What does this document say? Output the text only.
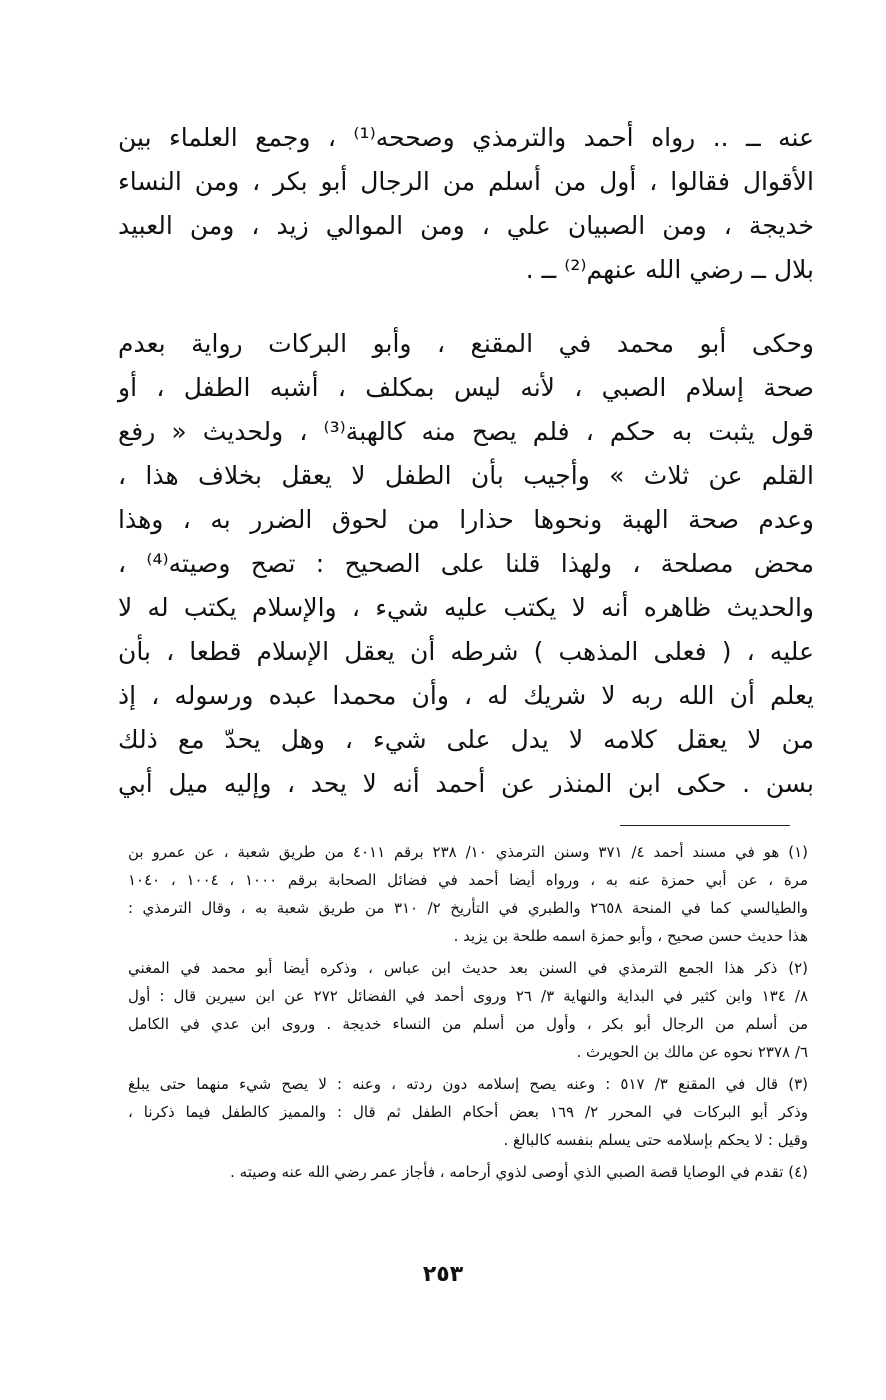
عنه ــ .. رواه أحمد والترمذي وصححه⁽¹⁾ ، وجمع العلماء بين
الأقوال فقالوا ، أول من أسلم من الرجال أبو بكر ، ومن النساء
خديجة ، ومن الصبيان علي ، ومن الموالي زيد ، ومن العبيد
بلال ــ رضي الله عنهم⁽²⁾ ــ .
وحكى أبو محمد في المقنع ، وأبو البركات رواية بعدم
صحة إسلام الصبي ، لأنه ليس بمكلف ، أشبه الطفل ، أو
قول يثبت به حكم ، فلم يصح منه كالهبة⁽³⁾ ، ولحديث « رفع
القلم عن ثلاث » وأجيب بأن الطفل لا يعقل بخلاف هذا ،
وعدم صحة الهبة ونحوها حذارا من لحوق الضرر به ، وهذا
محض مصلحة ، ولهذا قلنا على الصحيح : تصح وصيته⁽⁴⁾ ،
والحديث ظاهره أنه لا يكتب عليه شيء ، والإسلام يكتب له لا
عليه ، ( فعلى المذهب ) شرطه أن يعقل الإسلام قطعا ، بأن
يعلم أن الله ربه لا شريك له ، وأن محمدا عبده ورسوله ، إذ
من لا يعقل كلامه لا يدل على شيء ، وهل يحدّ مع ذلك
بسن . حكى ابن المنذر عن أحمد أنه لا يحد ، وإليه ميل أبي
(١) هو في مسند أحمد ٤/ ٣٧١ وسنن الترمذي ١٠/ ٢٣٨ برقم ٤٠١١ من طريق شعبة ، عن عمرو بن
مرة ، عن أبي حمزة عنه به ، ورواه أيضا أحمد في فضائل الصحابة برقم ١٠٠٠ ، ١٠٠٤ ، ١٠٤٠
والطيالسي كما في المنحة ٢٦٥٨ والطبري في التأريخ ٢/ ٣١٠ من طريق شعبة به ، وقال الترمذي :
هذا حديث حسن صحيح ، وأبو حمزة اسمه طلحة بن يزيد .
(٢) ذكر هذا الجمع الترمذي في السنن بعد حديث ابن عباس ، وذكره أيضا أبو محمد في المغني
٨/ ١٣٤ وابن كثير في البداية والنهاية ٣/ ٢٦ وروى أحمد في الفضائل ٢٧٢ عن ابن سيرين قال : أول
من أسلم من الرجال أبو بكر ، وأول من أسلم من النساء خديجة . وروى ابن عدي في الكامل
٦/ ٢٣٧٨ نحوه عن مالك بن الحويرث .
(٣) قال في المقنع ٣/ ٥١٧ : وعنه يصح إسلامه دون ردته ، وعنه : لا يصح شيء منهما حتى يبلغ
وذكر أبو البركات في المحرر ٢/ ١٦٩ بعض أحكام الطفل ثم قال : والمميز كالطفل فيما ذكرنا ،
وقيل : لا يحكم بإسلامه حتى يسلم بنفسه كالبالغ .
(٤) تقدم في الوصايا قصة الصبي الذي أوصى لذوي أرحامه ، فأجاز عمر رضي الله عنه وصيته .
٢٥٣
